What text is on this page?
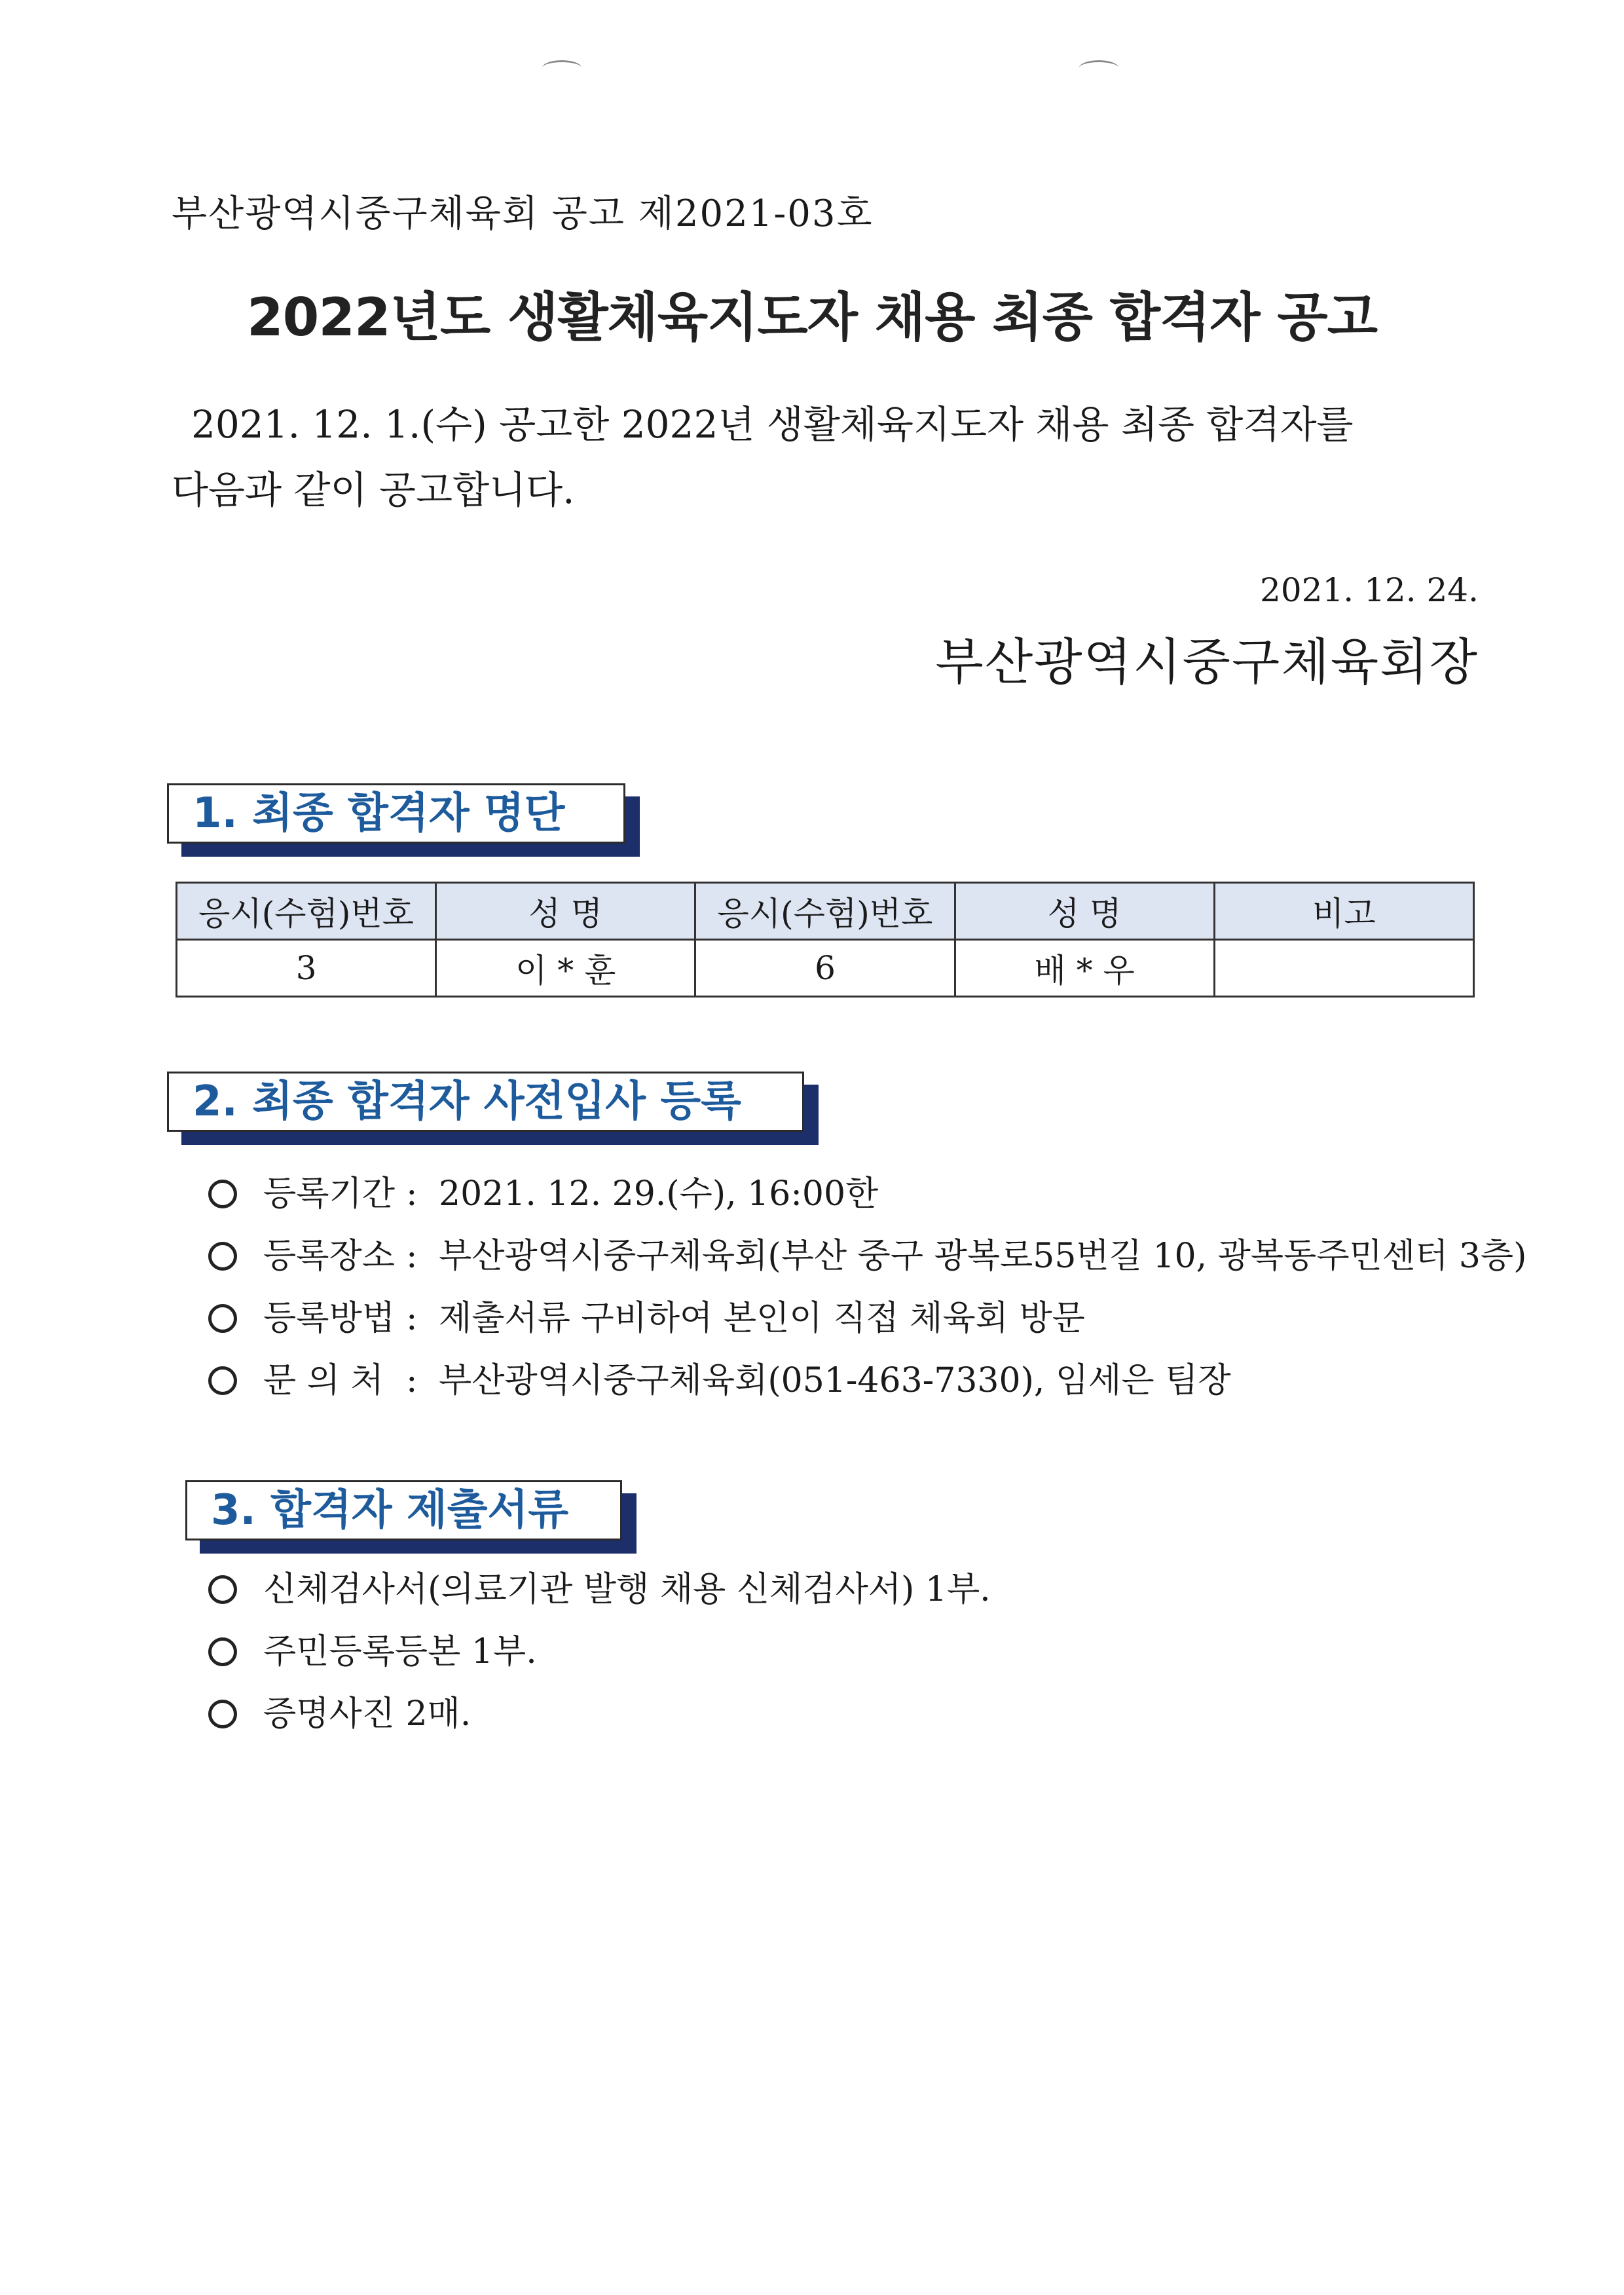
부산광역시중구체육회 공고 제2021-03호
2022년도 생활체육지도자 채용 최종 합격자 공고
2021. 12. 1.(수) 공고한 2022년 생활체육지도자 채용 최종 합격자를
다음과 같이 공고합니다.
2021. 12. 24.
부산광역시중구체육회장
1. 최종 합격자 명단
응시(수험)번호	성 명	응시(수험)번호	성 명	비고
3	이 * 훈	6	배 * 우	
2. 최종 합격자 사전입사 등록
등록기간 : 2021. 12. 29.(수), 16:00한
등록장소 : 부산광역시중구체육회(부산 중구 광복로55번길 10, 광복동주민센터 3층)
등록방법 : 제출서류 구비하여 본인이 직접 체육회 방문
문 의 처 : 부산광역시중구체육회(051-463-7330), 임세은 팀장
3. 합격자 제출서류
신체검사서(의료기관 발행 채용 신체검사서) 1부.
주민등록등본 1부.
증명사진 2매.
